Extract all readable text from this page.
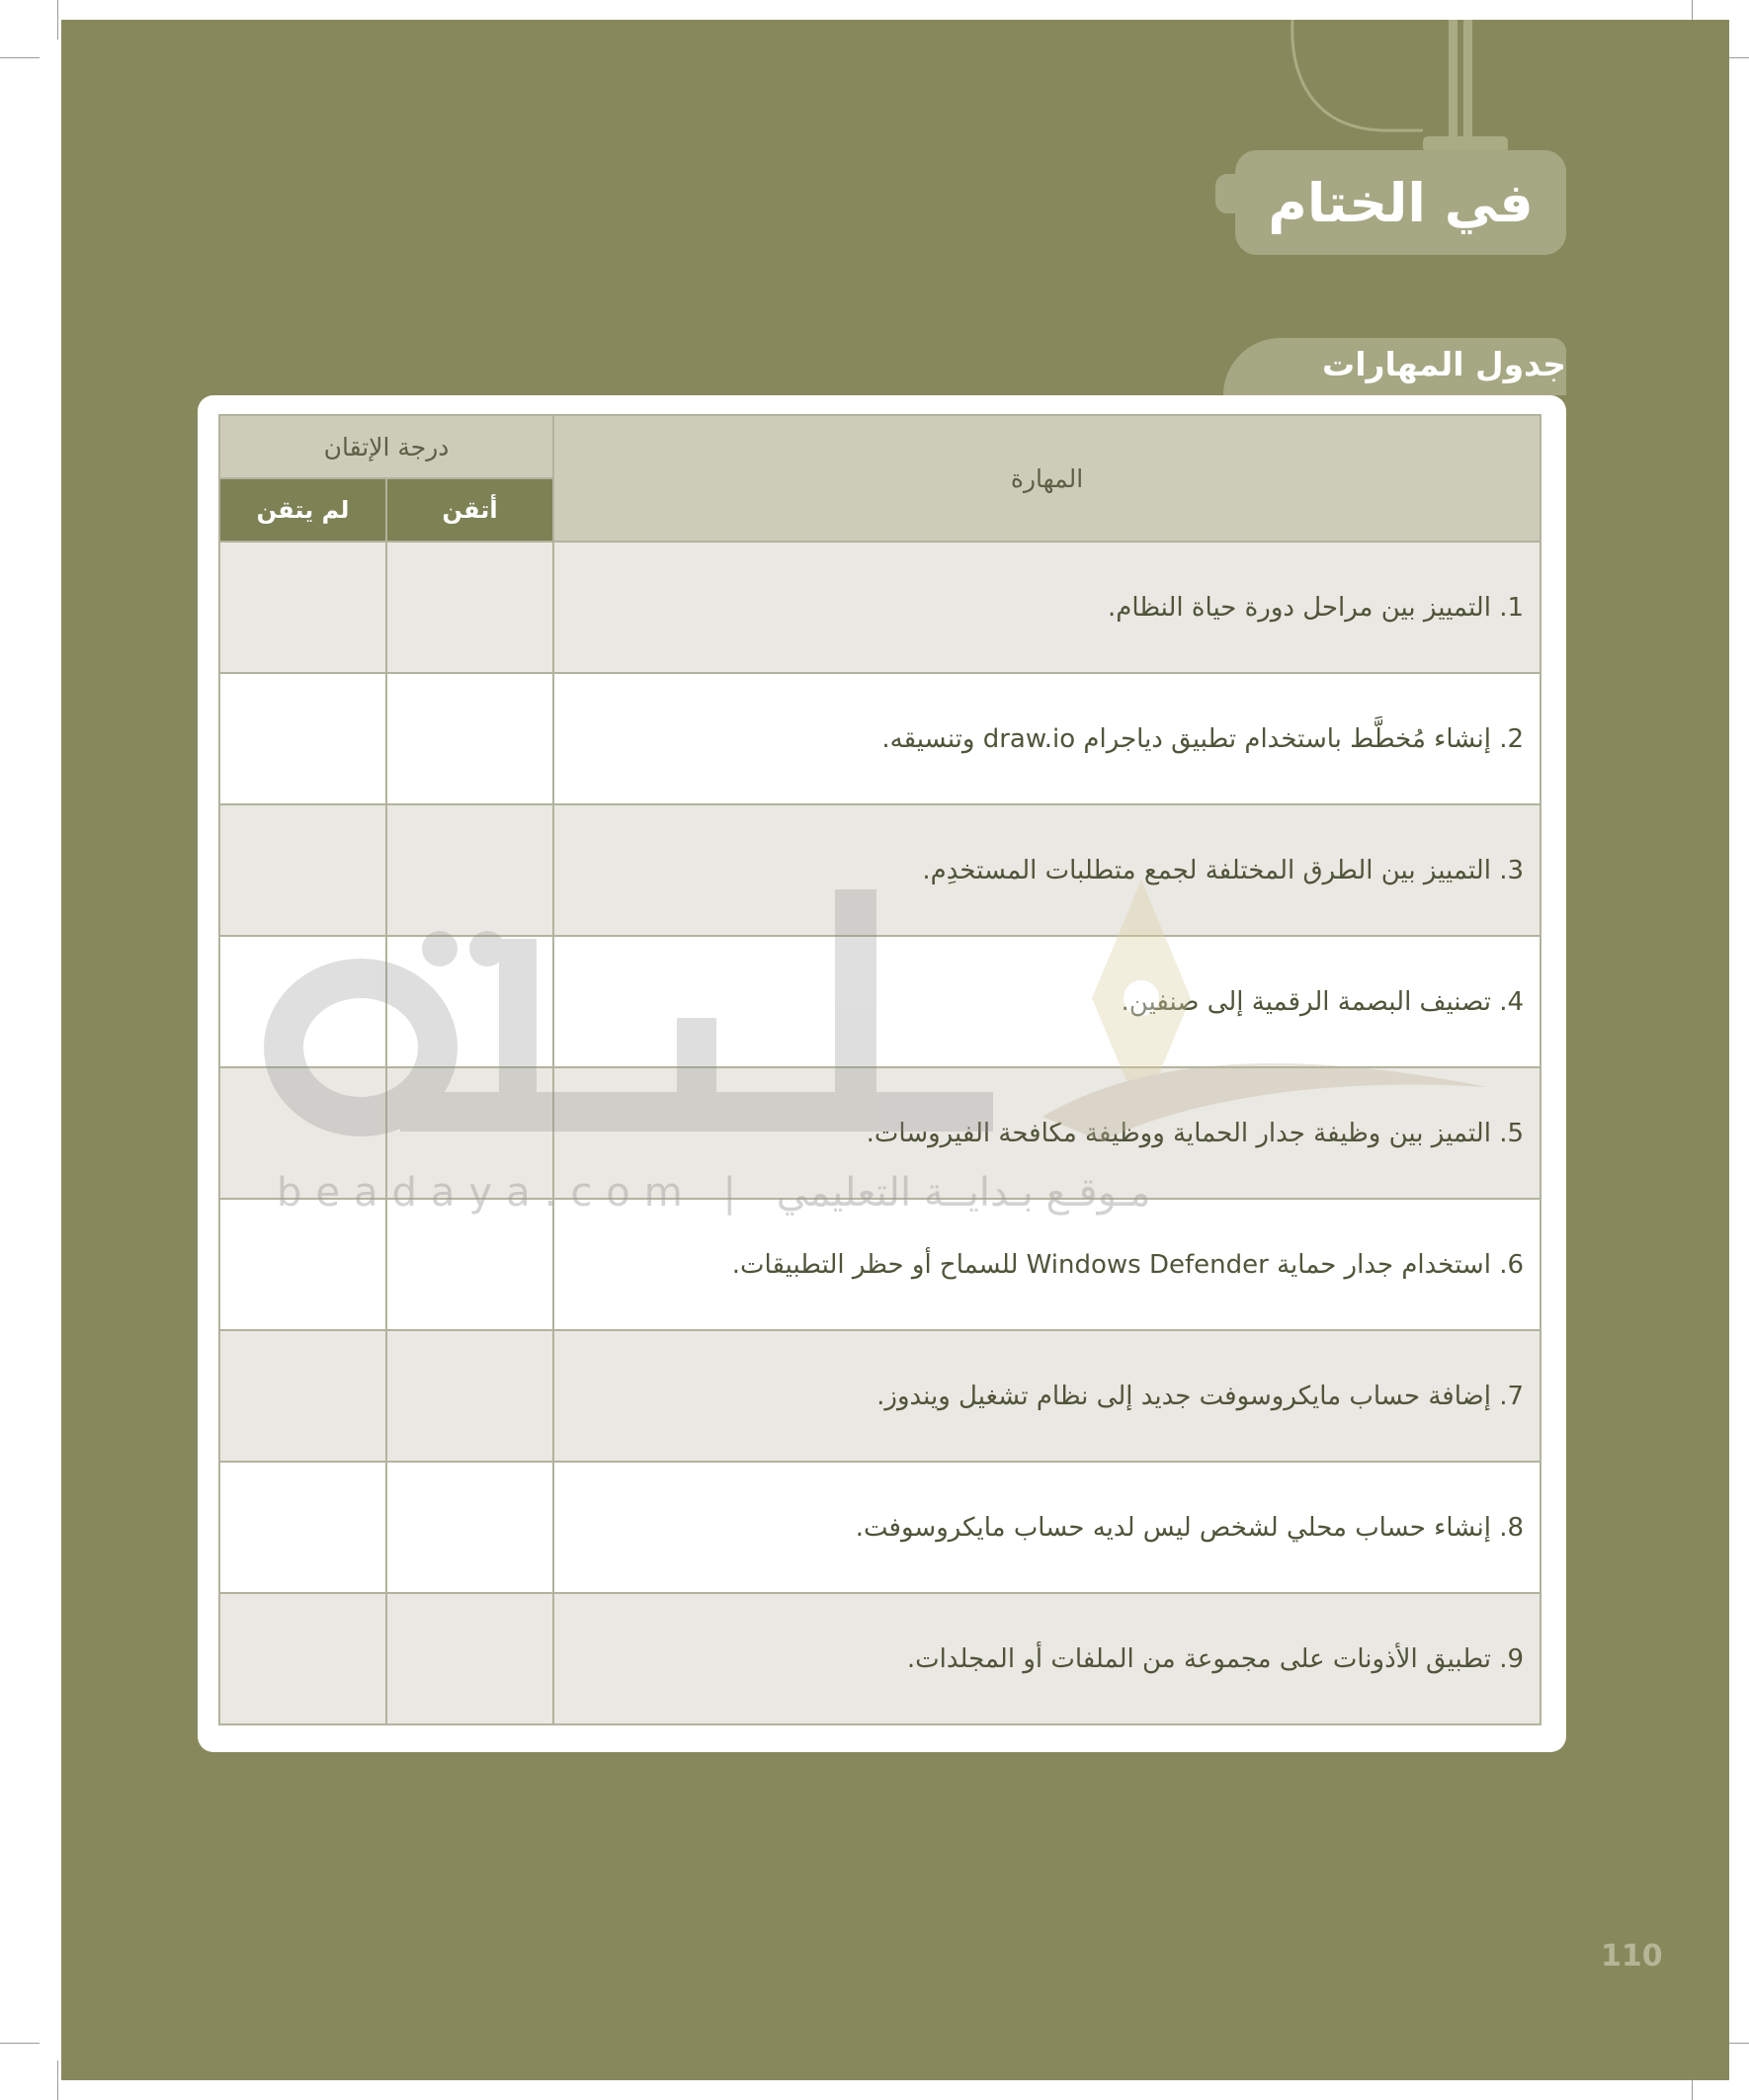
في الختام
جدول المهارات
درجة الإتقان		المهارة
لم يتقن	أتقن	
		1. التمييز بين مراحل دورة حياة النظام.
		2. إنشاء مُخطَّط باستخدام تطبيق دياجرام draw.io وتنسيقه.
		3. التمييز بين الطرق المختلفة لجمع متطلبات المستخدِم.
		4. تصنيف البصمة الرقمية إلى صنفين.
		5. التميز بين وظيفة جدار الحماية ووظيفة مكافحة الفيروسات.
		6. استخدام جدار حماية Windows Defender للسماح أو حظر التطبيقات.
		7. إضافة حساب مايكروسوفت جديد إلى نظام تشغيل ويندوز.
		8. إنشاء حساب محلي لشخص ليس لديه حساب مايكروسوفت.
		9. تطبيق الأذونات على مجموعة من الملفات أو المجلدات.
beadaya.com | مـوقـع بـدايــة التعليمي
110
